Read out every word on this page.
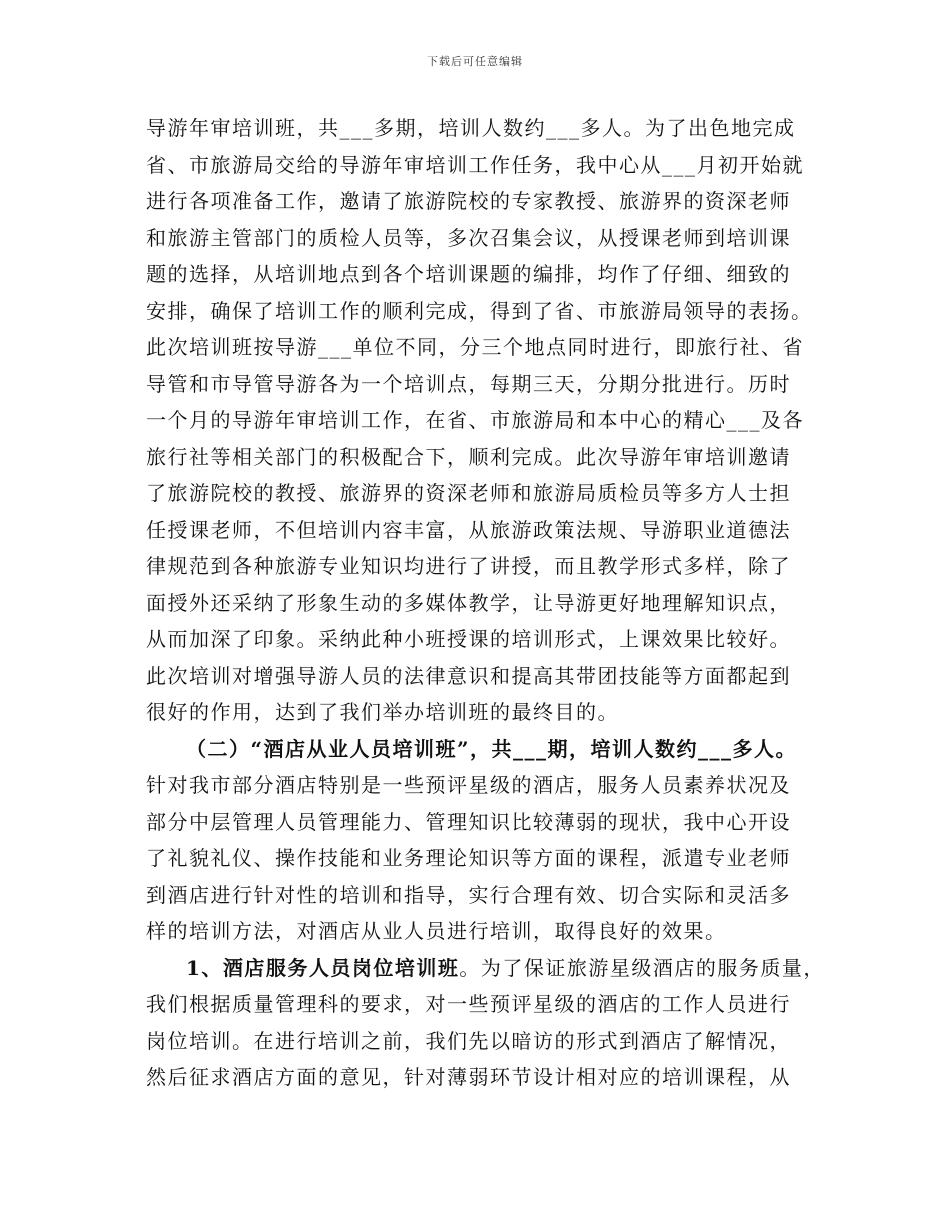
下载后可任意编辑
导游年审培训班，共___多期，培训人数约___多人。为了出色地完成
省、市旅游局交给的导游年审培训工作任务，我中心从___月初开始就
进行各项准备工作，邀请了旅游院校的专家教授、旅游界的资深老师
和旅游主管部门的质检人员等，多次召集会议，从授课老师到培训课
题的选择，从培训地点到各个培训课题的编排，均作了仔细、细致的
安排，确保了培训工作的顺利完成，得到了省、市旅游局领导的表扬。
此次培训班按导游___单位不同，分三个地点同时进行，即旅行社、省
导管和市导管导游各为一个培训点，每期三天，分期分批进行。历时
一个月的导游年审培训工作，在省、市旅游局和本中心的精心___及各
旅行社等相关部门的积极配合下，顺利完成。此次导游年审培训邀请
了旅游院校的教授、旅游界的资深老师和旅游局质检员等多方人士担
任授课老师，不但培训内容丰富，从旅游政策法规、导游职业道德法
律规范到各种旅游专业知识均进行了讲授，而且教学形式多样，除了
面授外还采纳了形象生动的多媒体教学，让导游更好地理解知识点，
从而加深了印象。采纳此种小班授课的培训形式，上课效果比较好。
此次培训对增强导游人员的法律意识和提高其带团技能等方面都起到
很好的作用，达到了我们举办培训班的最终目的。
（二）“酒店从业人员培训班”，共___期，培训人数约___多人。
针对我市部分酒店特别是一些预评星级的酒店，服务人员素养状况及
部分中层管理人员管理能力、管理知识比较薄弱的现状，我中心开设
了礼貌礼仪、操作技能和业务理论知识等方面的课程，派遣专业老师
到酒店进行针对性的培训和指导，实行合理有效、切合实际和灵活多
样的培训方法，对酒店从业人员进行培训，取得良好的效果。
1、酒店服务人员岗位培训班。为了保证旅游星级酒店的服务质量，
我们根据质量管理科的要求，对一些预评星级的酒店的工作人员进行
岗位培训。在进行培训之前，我们先以暗访的形式到酒店了解情况，
然后征求酒店方面的意见，针对薄弱环节设计相对应的培训课程，从
